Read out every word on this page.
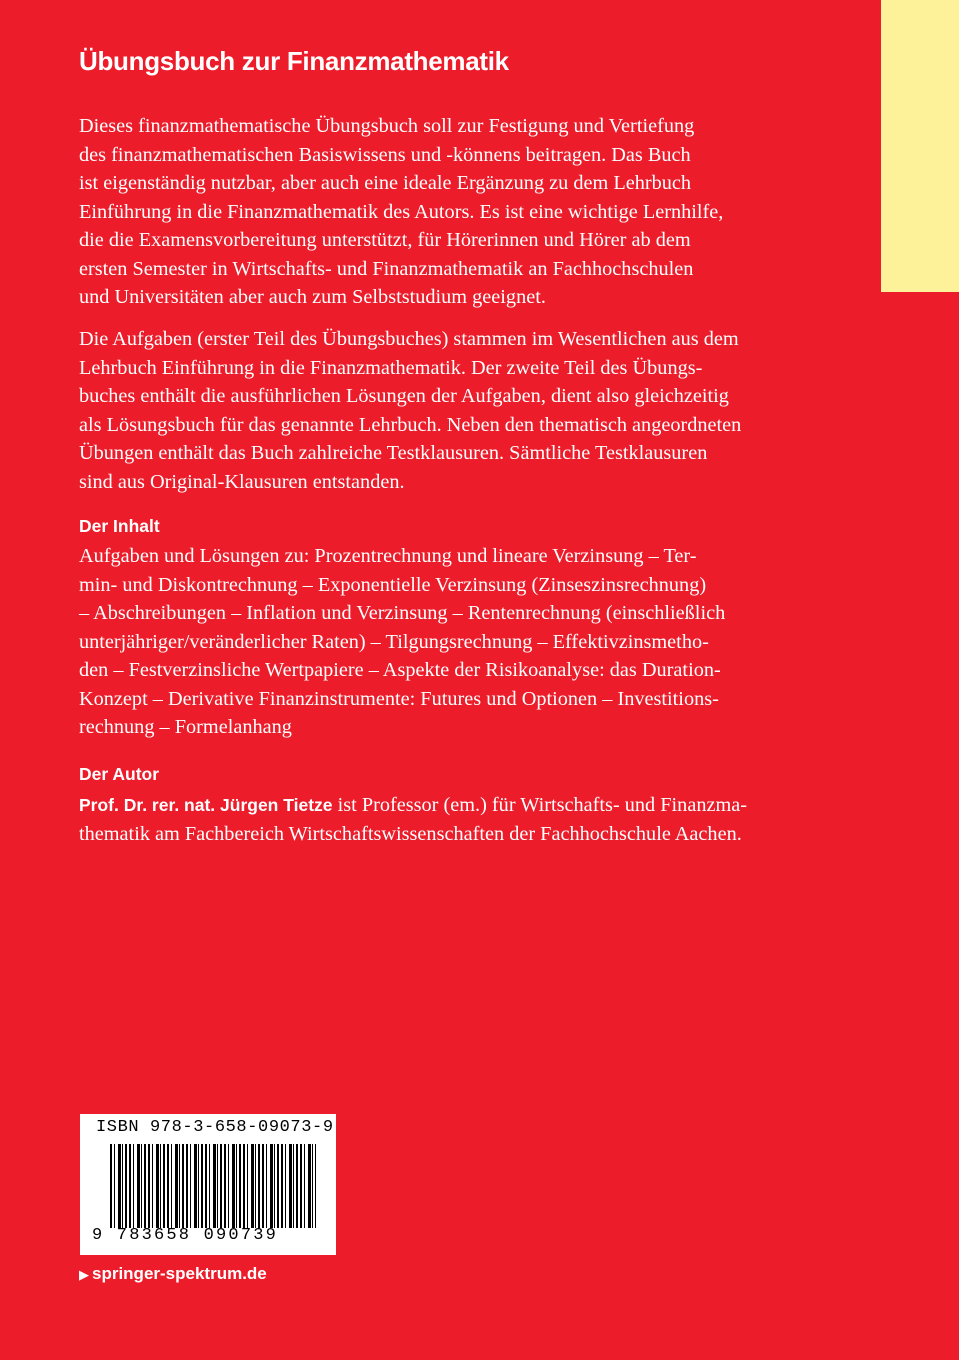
Übungsbuch zur Finanzmathematik

Dieses finanzmathematische Übungsbuch soll zur Festigung und Vertiefung
des finanzmathematischen Basiswissens und -könnens beitragen. Das Buch
ist eigenständig nutzbar, aber auch eine ideale Ergänzung zu dem Lehrbuch
Einführung in die Finanzmathematik des Autors. Es ist eine wichtige Lernhilfe,
die die Examensvorbereitung unterstützt, für Hörerinnen und Hörer ab dem
ersten Semester in Wirtschafts- und Finanzmathematik an Fachhochschulen
und Universitäten aber auch zum Selbststudium geeignet.

Die Aufgaben (erster Teil des Übungsbuches) stammen im Wesentlichen aus dem
Lehrbuch Einführung in die Finanzmathematik. Der zweite Teil des Übungs-
buches enthält die ausführlichen Lösungen der Aufgaben, dient also gleichzeitig
als Lösungsbuch für das genannte Lehrbuch. Neben den thematisch angeordneten
Übungen enthält das Buch zahlreiche Testklausuren. Sämtliche Testklausuren
sind aus Original-Klausuren entstanden.

Der Inhalt

Aufgaben und Lösungen zu: Prozentrechnung und lineare Verzinsung – Ter-
min- und Diskontrechnung – Exponentielle Verzinsung (Zinseszinsrechnung)
– Abschreibungen – Inflation und Verzinsung – Rentenrechnung (einschließlich
unterjähriger/veränderlicher Raten) – Tilgungsrechnung – Effektivzinsmetho-
den – Festverzinsliche Wertpapiere – Aspekte der Risikoanalyse: das Duration-
Konzept – Derivative Finanzinstrumente: Futures und Optionen – Investitions-
rechnung – Formelanhang

Der Autor

Prof. Dr. rer. nat. Jürgen Tietze ist Professor (em.) für Wirtschafts- und Finanzma-
thematik am Fachbereich Wirtschaftswissenschaften der Fachhochschule Aachen.

ISBN 978-3-658-09073-9
9 783658 090739
▶ springer-spektrum.de
